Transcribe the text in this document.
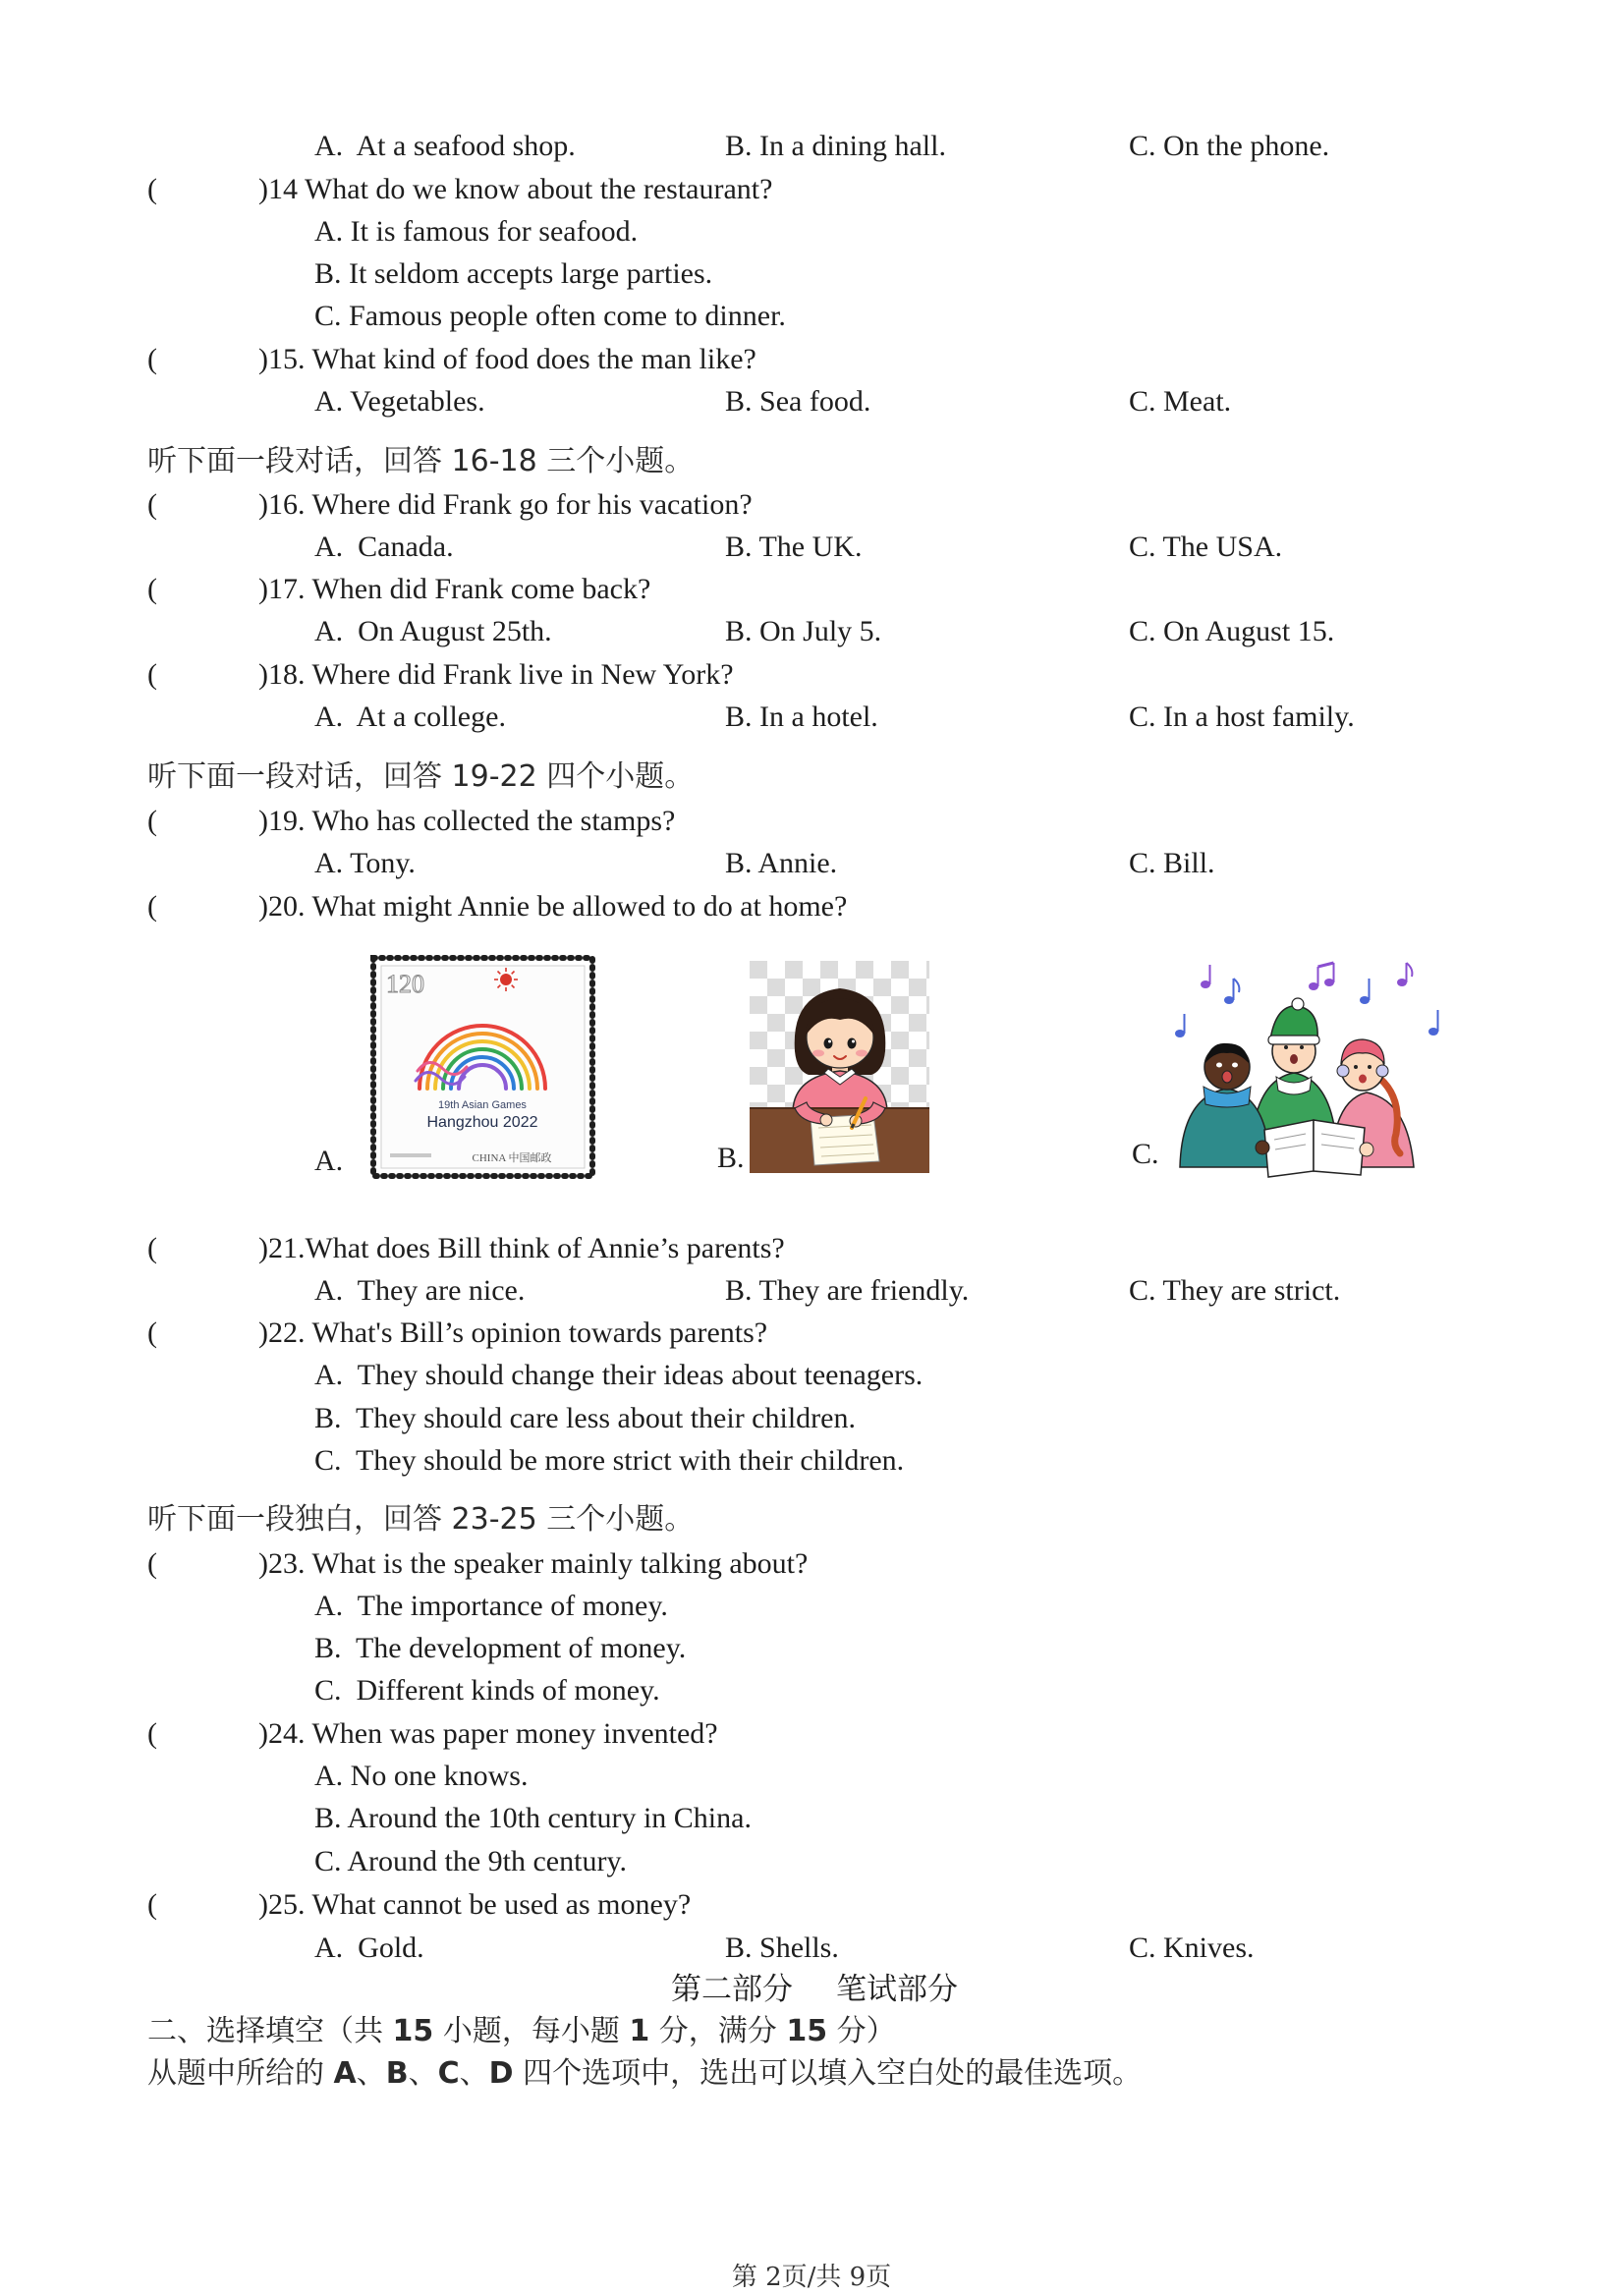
A.  At a seafood shop.	B. In a dining hall.	C. On the phone.
(	)14 What do we know about the restaurant?
A. It is famous for seafood.
B. It seldom accepts large parties.
C. Famous people often come to dinner.
(	)15. What kind of food does the man like?
A. Vegetables.	B. Sea food.	C. Meat.
听下面一段对话，回答 16-18 三个小题。
(	)16. Where did Frank go for his vacation?
A.  Canada.	B. The UK.	C. The USA.
(	)17. When did Frank come back?
A.  On August 25th.	B. On July 5.	C. On August 15.
(	)18. Where did Frank live in New York?
A.  At a college.	B. In a hotel.	C. In a host family.
听下面一段对话，回答 19-22 四个小题。
(	)19. Who has collected the stamps?
A. Tony.	B. Annie.	C. Bill.
(	)20. What might Annie be allowed to do at home?
A.	B.	C.
120
19th Asian Games
Hangzhou 2022
CHINA 中国邮政
(	)21.What does Bill think of Annie’s parents?
A.  They are nice.	B. They are friendly.	C. They are strict.
(	)22. What's Bill’s opinion towards parents?
A.  They should change their ideas about teenagers.
B.  They should care less about their children.
C.  They should be more strict with their children.
听下面一段独白，回答 23-25 三个小题。
(	)23. What is the speaker mainly talking about?
A.  The importance of money.
B.  The development of money.
C.  Different kinds of money.
(	)24. When was paper money invented?
A. No one knows.
B. Around the 10th century in China.
C. Around the 9th century.
(	)25. What cannot be used as money?
A.  Gold.	B. Shells.	C. Knives.
第二部分 笔试部分
二、选择填空（共 15 小题，每小题 1 分，满分 15 分）
从题中所给的 A、B、C、D 四个选项中，选出可以填入空白处的最佳选项。
第 2页/共 9页
